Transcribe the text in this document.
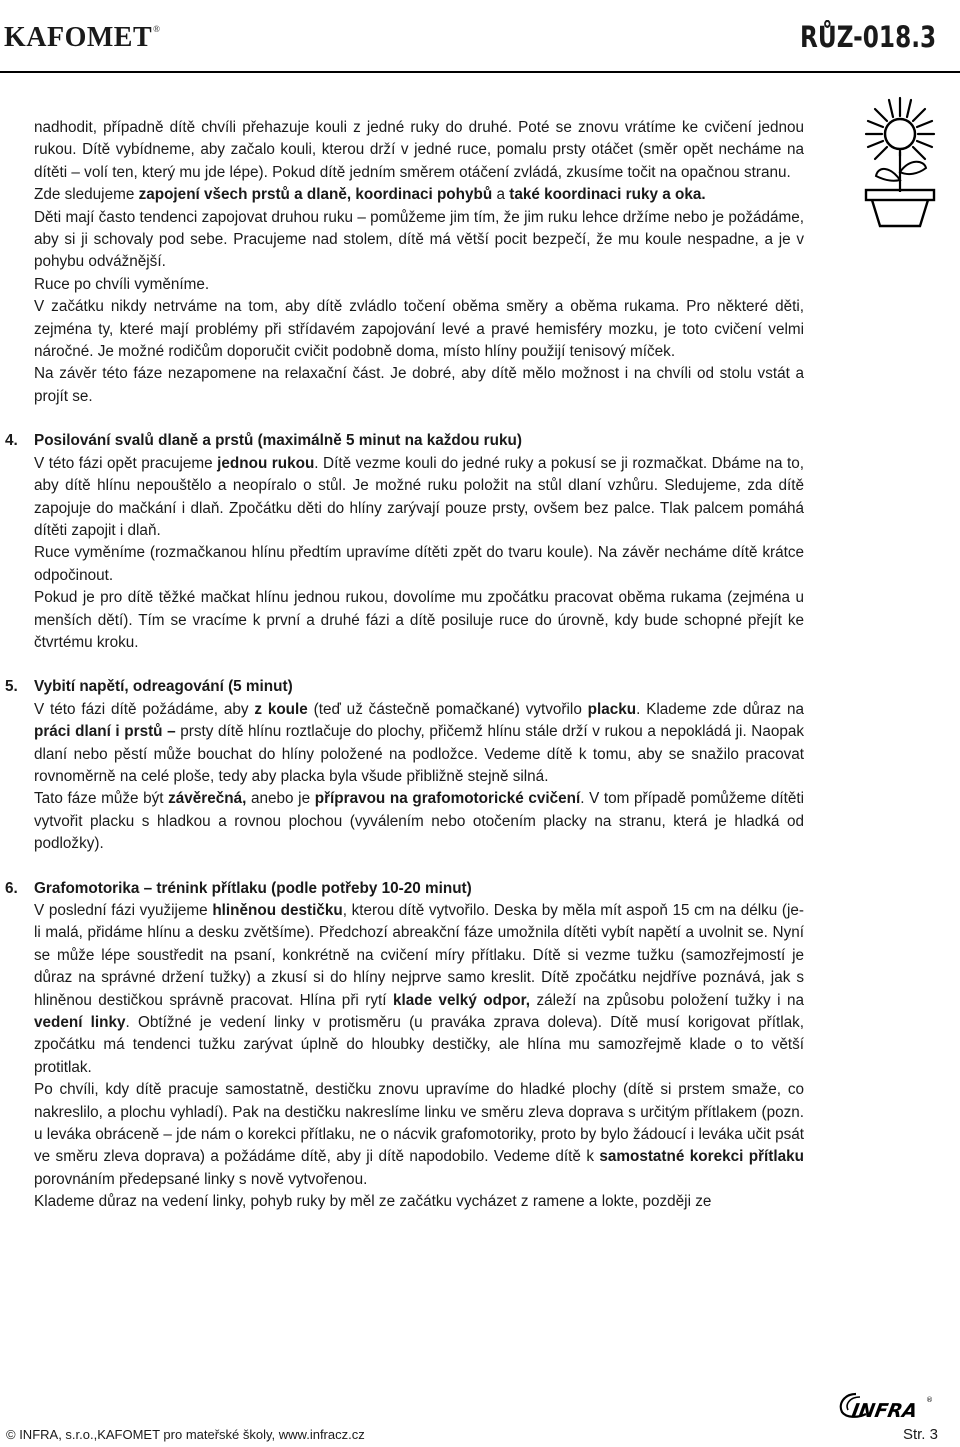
KAFOMET®	RŮZ-018.3

nadhodit, případně dítě chvíli přehazuje kouli z jedné ruky do druhé. Poté se znovu vrátíme ke cvičení jednou rukou. Dítě vybídneme, aby začalo kouli, kterou drží v jedné ruce, pomalu prsty otáčet (směr opět necháme na dítěti – volí ten, který mu jde lépe). Pokud dítě jedním směrem otáčení zvládá, zkusíme točit na opačnou stranu.

Zde sledujeme zapojení všech prstů a dlaně, koordinaci pohybů a také koordinaci ruky a oka.

Děti mají často tendenci zapojovat druhou ruku – pomůžeme jim tím, že jim ruku lehce držíme nebo je požádáme, aby si ji schovaly pod sebe. Pracujeme nad stolem, dítě má větší pocit bezpečí, že mu koule nespadne, a je v pohybu odvážnější.

Ruce po chvíli vyměníme.

V začátku nikdy netrváme na tom, aby dítě zvládlo točení oběma směry a oběma rukama. Pro některé děti, zejména ty, které mají problémy při střídavém zapojování levé a pravé hemisféry mozku, je toto cvičení velmi náročné. Je možné rodičům doporučit cvičit podobně doma, místo hlíny použijí tenisový míček.

Na závěr této fáze nezapomene na relaxační část. Je dobré, aby dítě mělo možnost i na chvíli od stolu vstát a projít se.

4. Posilování svalů dlaně a prstů (maximálně 5 minut na každou ruku)

V této fázi opět pracujeme jednou rukou. Dítě vezme kouli do jedné ruky a pokusí se ji rozmačkat. Dbáme na to, aby dítě hlínu nepouštělo a neopíralo o stůl. Je možné ruku položit na stůl dlaní vzhůru. Sledujeme, zda dítě zapojuje do mačkání i dlaň. Zpočátku děti do hlíny zarývají pouze prsty, ovšem bez palce. Tlak palcem pomáhá dítěti zapojit i dlaň.

Ruce vyměníme (rozmačkanou hlínu předtím upravíme dítěti zpět do tvaru koule). Na závěr necháme dítě krátce odpočinout.

Pokud je pro dítě těžké mačkat hlínu jednou rukou, dovolíme mu zpočátku pracovat oběma rukama (zejména u menších dětí). Tím se vracíme k první a druhé fázi a dítě posiluje ruce do úrovně, kdy bude schopné přejít ke čtvrtému kroku.

5. Vybití napětí, odreagování (5 minut)

V této fázi dítě požádáme, aby z koule (teď už částečně pomačkané) vytvořilo placku. Klademe zde důraz na práci dlaní i prstů – prsty dítě hlínu roztlačuje do plochy, přičemž hlínu stále drží v rukou a nepokládá ji. Naopak dlaní nebo pěstí může bouchat do hlíny položené na podložce. Vedeme dítě k tomu, aby se snažilo pracovat rovnoměrně na celé ploše, tedy aby placka byla všude přibližně stejně silná.

Tato fáze může být závěrečná, anebo je přípravou na grafomotorické cvičení. V tom případě pomůžeme dítěti vytvořit placku s hladkou a rovnou plochou (vyválením nebo otočením placky na stranu, která je hladká od podložky).

6. Grafomotorika – trénink přítlaku (podle potřeby 10-20 minut)

V poslední fázi využijeme hliněnou destičku, kterou dítě vytvořilo. Deska by měla mít aspoň 15 cm na délku (je-li malá, přidáme hlínu a desku zvětšíme). Předchozí abreakční fáze umožnila dítěti vybít napětí a uvolnit se. Nyní se může lépe soustředit na psaní, konkrétně na cvičení míry přítlaku. Dítě si vezme tužku (samozřejmostí je důraz na správné držení tužky) a zkusí si do hlíny nejprve samo kreslit. Dítě zpočátku nejdříve poznává, jak s hliněnou destičkou správně pracovat. Hlína při rytí klade velký odpor, záleží na způsobu položení tužky i na vedení linky. Obtížné je vedení linky v protisměru (u praváka zprava doleva). Dítě musí korigovat přítlak, zpočátku má tendenci tužku zarývat úplně do hloubky destičky, ale hlína mu samozřejmě klade o to větší protitlak.

Po chvíli, kdy dítě pracuje samostatně, destičku znovu upravíme do hladké plochy (dítě si prstem smaže, co nakreslilo, a plochu vyhladí). Pak na destičku nakreslíme linku ve směru zleva doprava s určitým přítlakem (pozn. u leváka obráceně – jde nám o korekci přítlaku, ne o nácvik grafomotoriky, proto by bylo žádoucí i leváka učit psát ve směru zleva doprava) a požádáme dítě, aby ji dítě napodobilo. Vedeme dítě k samostatné korekci přítlaku porovnáním předepsané linky s nově vytvořenou.

Klademe důraz na vedení linky, pohyb ruky by měl ze začátku vycházet z ramene a lokte, později ze

INFRA ®
© INFRA, s.r.o.,KAFOMET pro mateřské školy, www.infracz.cz	Str. 3
